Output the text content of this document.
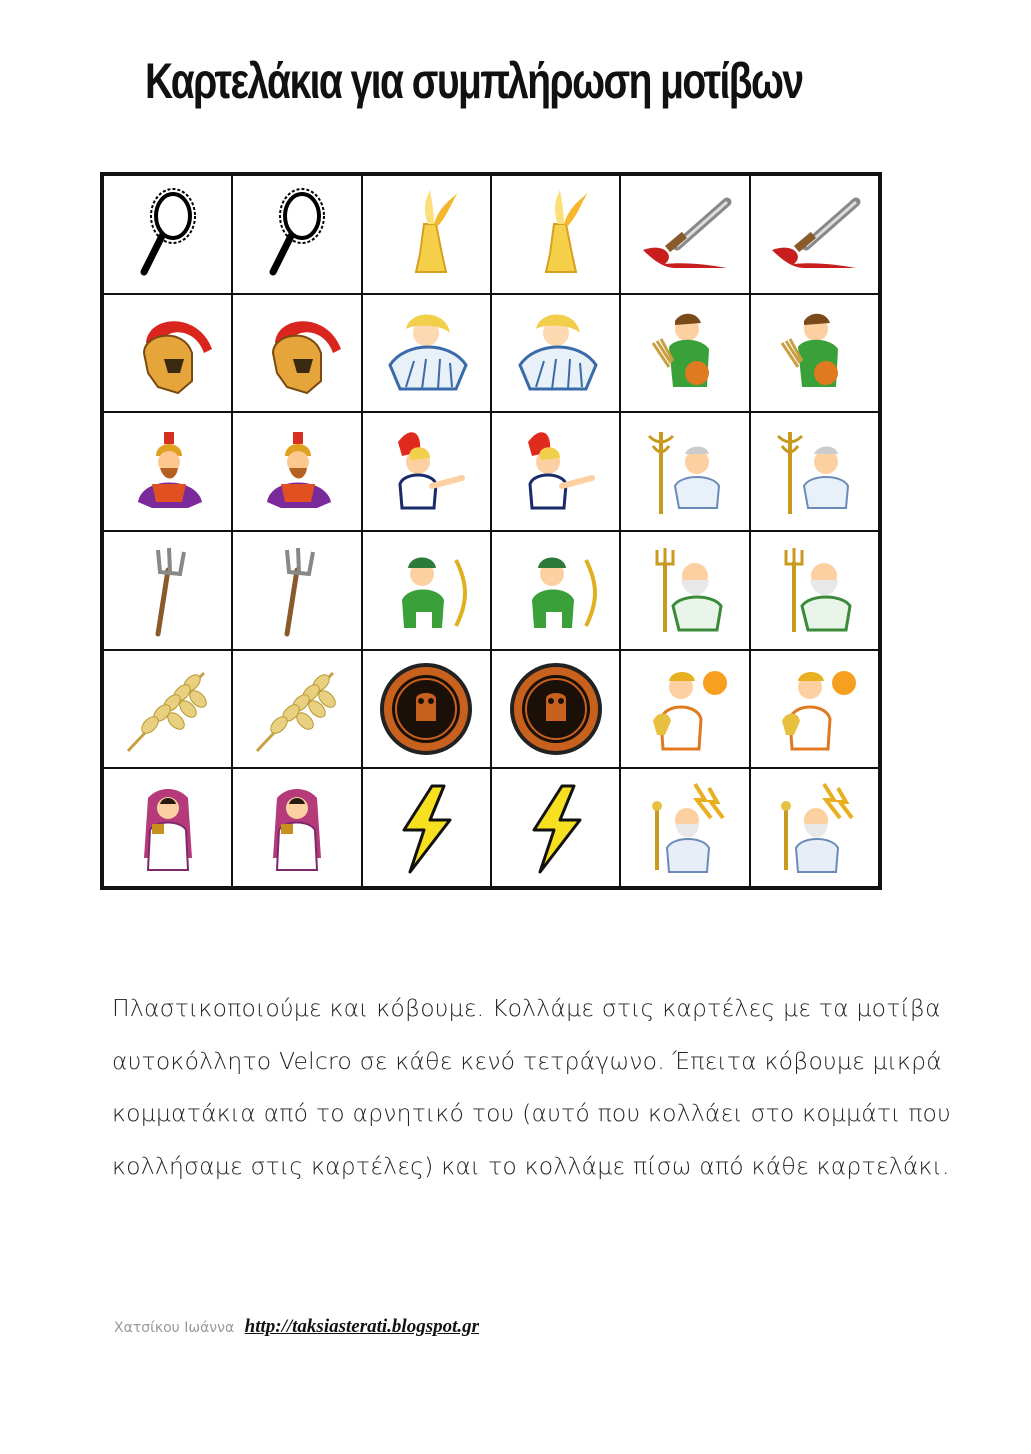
Καρτελάκια για συμπλήρωση μοτίβων
Πλαστικοποιούμε και κόβουμε. Κολλάμε στις καρτέλες με τα μοτίβα αυτοκόλλητο Velcro σε κάθε κενό τετράγωνο. Έπειτα κόβουμε μικρά κομματάκια από το αρνητικό του (αυτό που κολλάει στο κομμάτι που κολλήσαμε στις καρτέλες) και το κολλάμε πίσω από κάθε καρτελάκι.
Χατσίκου Ιωάννα http://taksiasterati.blogspot.gr
